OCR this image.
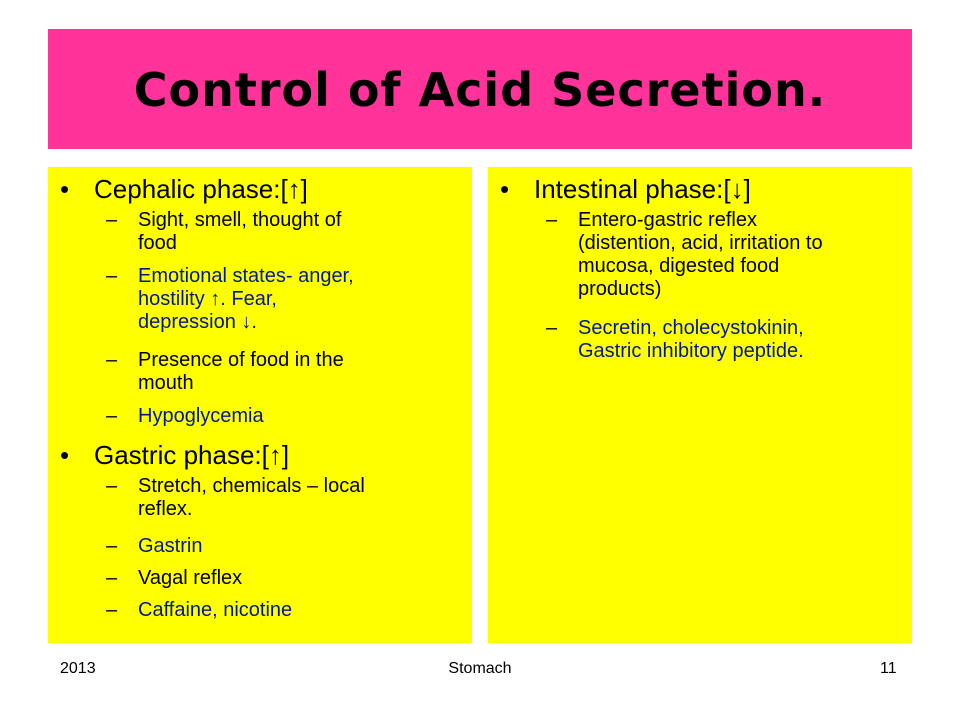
Control of Acid Secretion.
• Cephalic phase:[↑]
– Sight, smell, thought of
food
– Emotional states- anger,
hostility ↑. Fear,
depression ↓.
– Presence of food in the
mouth
– Hypoglycemia
• Gastric phase:[↑]
– Stretch, chemicals – local
reflex.
– Gastrin
– Vagal reflex
– Caffaine, nicotine
• Intestinal phase:[↓]
– Entero-gastric reflex
(distention, acid, irritation to
mucosa, digested food
products)
– Secretin, cholecystokinin,
Gastric inhibitory peptide.
2013	Stomach	11
